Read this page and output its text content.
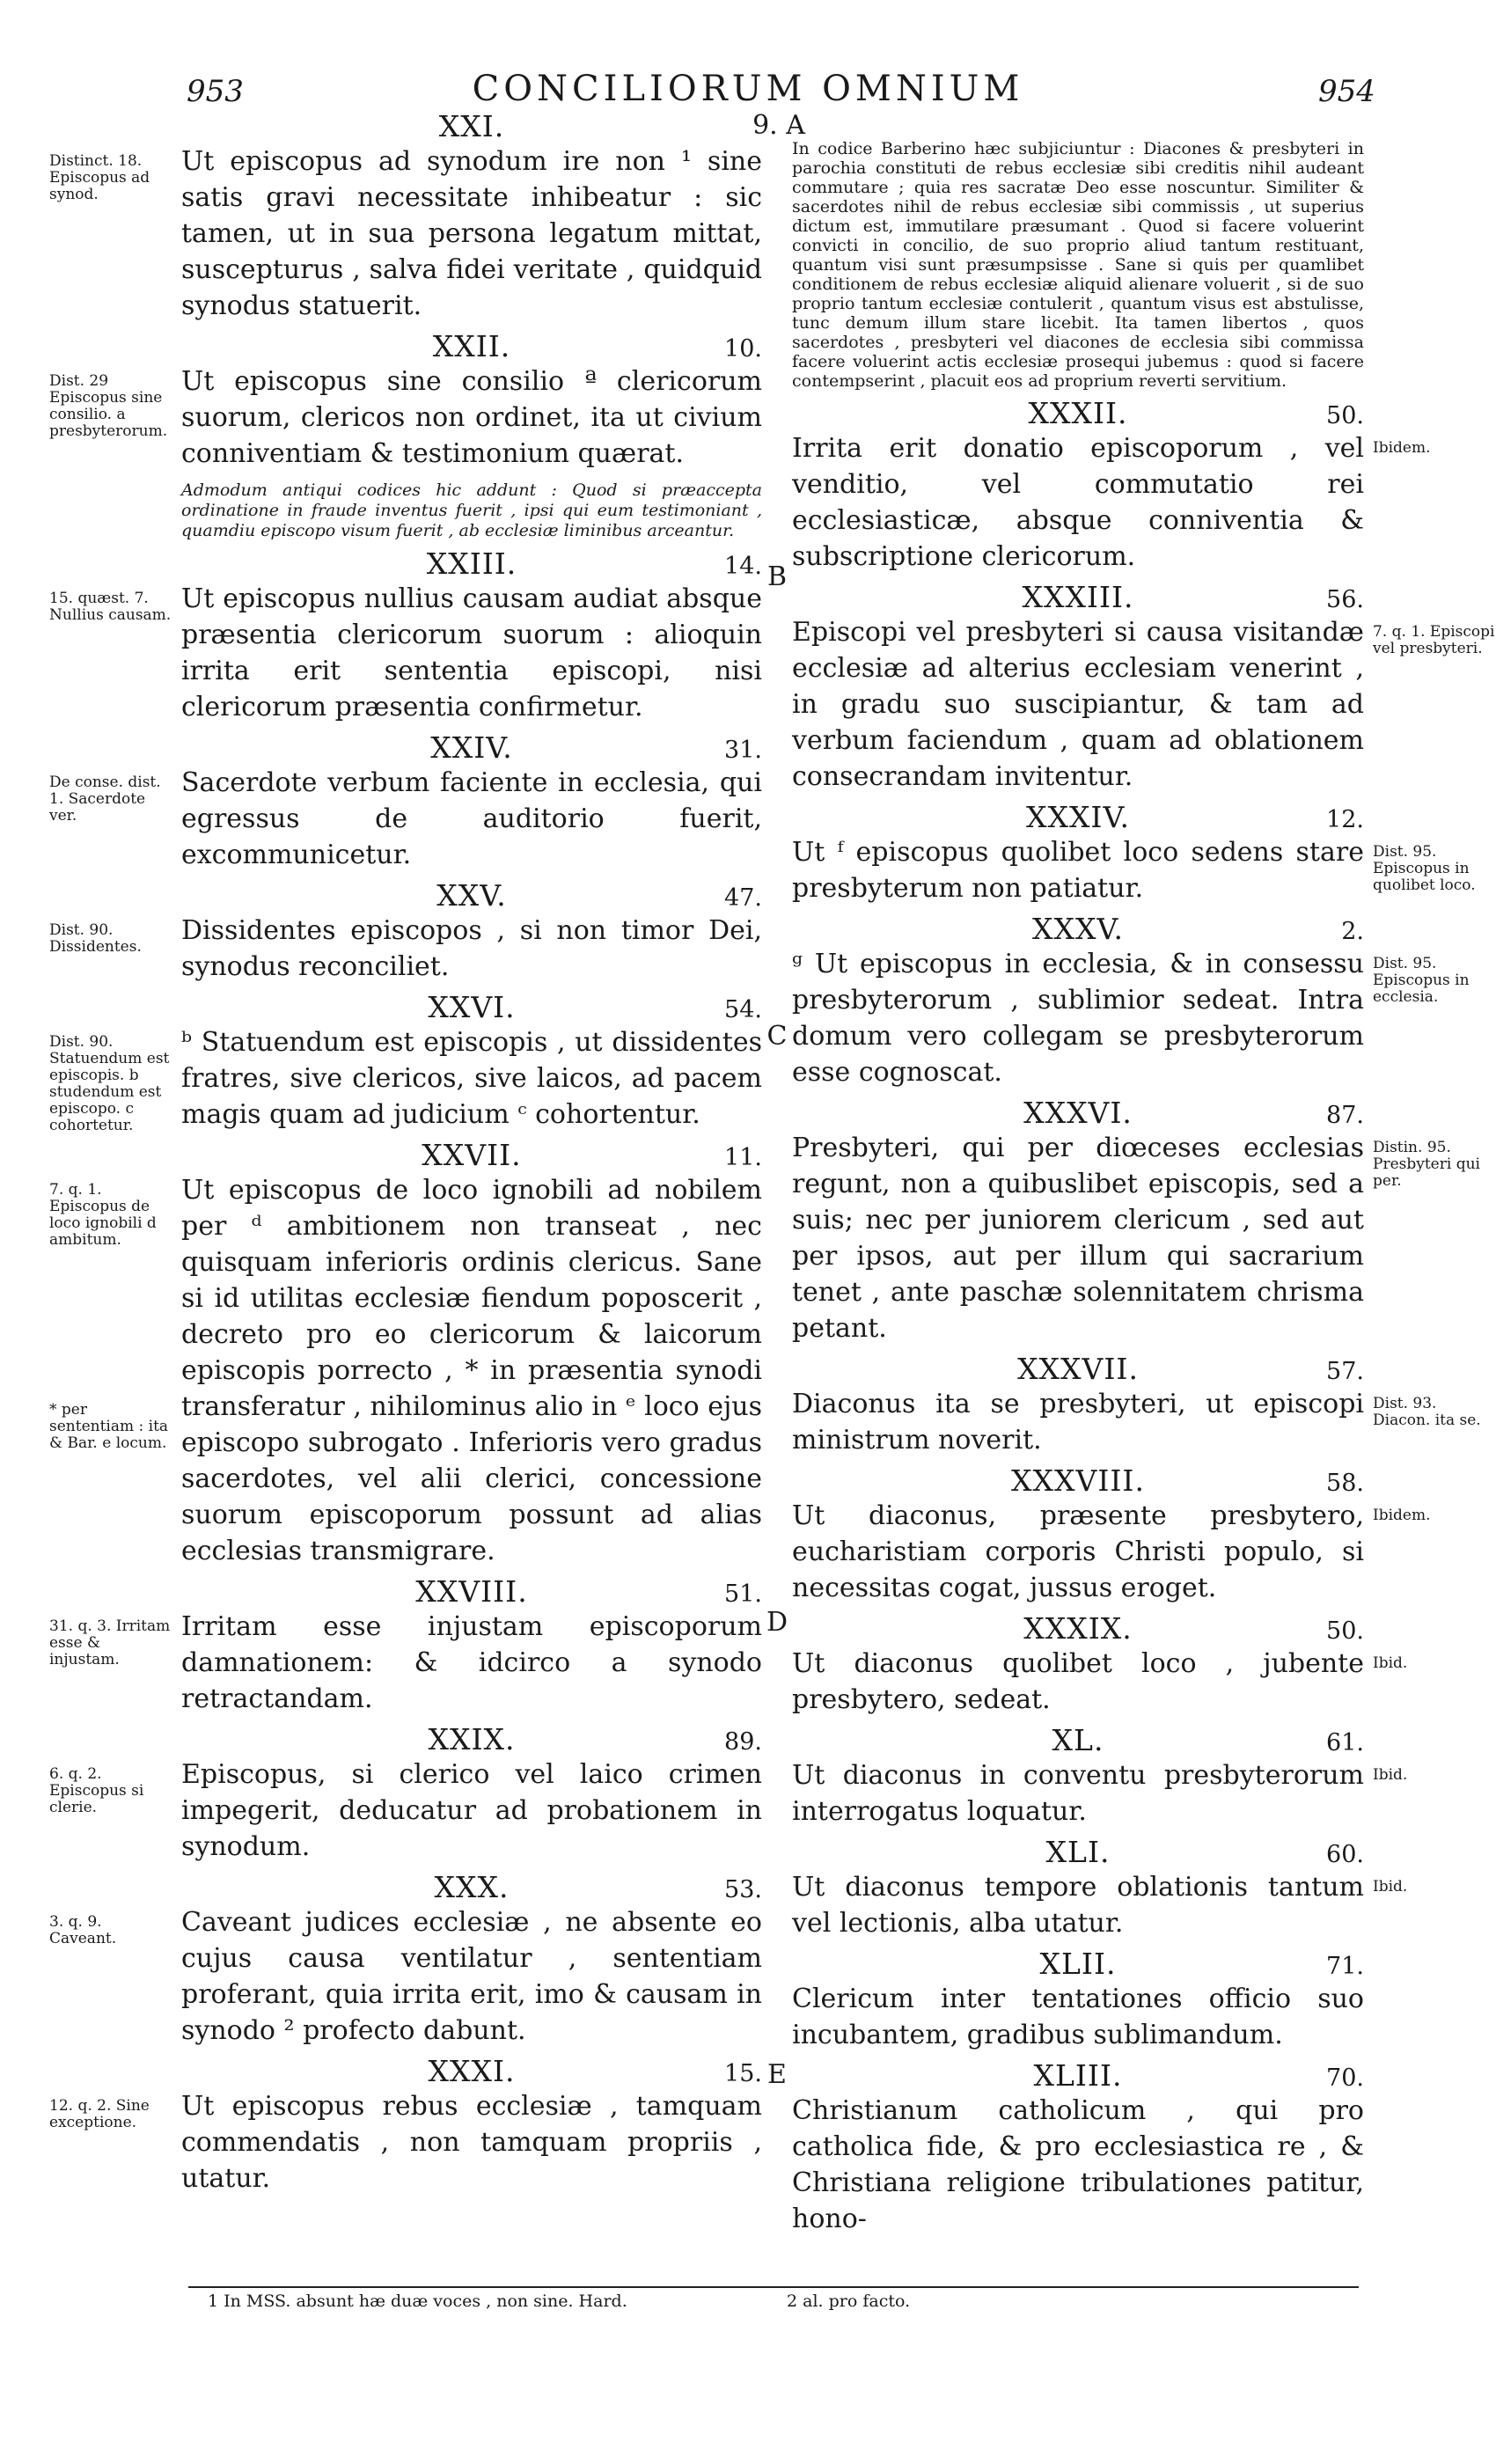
953	CONCILIORUM OMNIUM	954
9. A
B
C
D
E
XXI.
Distinct. 18. Episcopus ad synod.
Ut episcopus ad synodum ire non ¹ sine satis gravi necessitate inhibeatur : sic tamen, ut in sua persona legatum mittat, suscepturus , salva fidei veritate , quidquid synodus statuerit.
XXII.	10.
Dist. 29 Episcopus sine consilio. a presbyterorum.
Ut episcopus sine consilio ª clericorum suorum, clericos non ordinet, ita ut civium conniventiam & testimonium quærat.
Admodum antiqui codices hic addunt : Quod si præaccepta ordinatione in fraude inventus fuerit , ipsi qui eum testimoniant , quamdiu episcopo visum fuerit , ab ecclesiæ liminibus arceantur.
XXIII.	14.
15. quæst. 7. Nullius causam.
Ut episcopus nullius causam audiat absque præsentia clericorum suorum : alioquin irrita erit sententia episcopi, nisi clericorum præsentia confirmetur.
XXIV.	31.
De conse. dist. 1. Sacerdote ver.
Sacerdote verbum faciente in ecclesia, qui egressus de auditorio fuerit, excommunicetur.
XXV.	47.
Dist. 90. Dissidentes.
Dissidentes episcopos , si non timor Dei, synodus reconciliet.
XXVI.	54.
Dist. 90. Statuendum est episcopis. b studendum est episcopo. c cohortetur.
ᵇ Statuendum est episcopis , ut dissidentes fratres, sive clericos, sive laicos, ad pacem magis quam ad judicium ᶜ cohortentur.
XXVII.	11.
7. q. 1. Episcopus de loco ignobili d ambitum.
Ut episcopus de loco ignobili ad nobilem per ᵈ ambitionem non transeat , nec quisquam inferioris ordinis clericus. Sane si id utilitas ecclesiæ fiendum poposcerit , decreto pro eo clericorum & laicorum episcopis porrecto , * in præsentia synodi transferatur , nihilominus alio in ᵉ loco ejus episcopo subrogato . Inferioris vero gradus sacerdotes, vel alii clerici, concessione suorum episcoporum possunt ad alias ecclesias transmigrare.
* per sententiam : ita & Bar. e locum.
XXVIII.	51.
31. q. 3. Irritam esse & injustam.
Irritam esse injustam episcoporum damnationem: & idcirco a synodo retractandam.
XXIX.	89.
6. q. 2. Episcopus si clerie.
Episcopus, si clerico vel laico crimen impegerit, deducatur ad probationem in synodum.
XXX.	53.
3. q. 9. Caveant.
Caveant judices ecclesiæ , ne absente eo cujus causa ventilatur , sententiam proferant, quia irrita erit, imo & causam in synodo ² profecto dabunt.
XXXI.	15.
12. q. 2. Sine exceptione.
Ut episcopus rebus ecclesiæ , tamquam commendatis , non tamquam propriis , utatur.
In codice Barberino hæc subjiciuntur : Diacones & presbyteri in parochia constituti de rebus ecclesiæ sibi creditis nihil audeant commutare ; quia res sacratæ Deo esse noscuntur. Similiter & sacerdotes nihil de rebus ecclesiæ sibi commissis , ut superius dictum est, immutilare præsumant . Quod si facere voluerint convicti in concilio, de suo proprio aliud tantum restituant, quantum visi sunt præsumpsisse . Sane si quis per quamlibet conditionem de rebus ecclesiæ aliquid alienare voluerit , si de suo proprio tantum ecclesiæ contulerit , quantum visus est abstulisse, tunc demum illum stare licebit. Ita tamen libertos , quos sacerdotes , presbyteri vel diacones de ecclesia sibi commissa facere voluerint actis ecclesiæ prosequi jubemus : quod si facere contempserint , placuit eos ad proprium reverti servitium.
XXXII.	50.
Ibidem.
Irrita erit donatio episcoporum , vel venditio, vel commutatio rei ecclesiasticæ, absque conniventia & subscriptione clericorum.
XXXIII.	56.
7. q. 1. Episcopi vel presbyteri.
Episcopi vel presbyteri si causa visitandæ ecclesiæ ad alterius ecclesiam venerint , in gradu suo suscipiantur, & tam ad verbum faciendum , quam ad oblationem consecrandam invitentur.
XXXIV.	12.
Dist. 95. Episcopus in quolibet loco.
Ut ᶠ episcopus quolibet loco sedens stare presbyterum non patiatur.
XXXV.	2.
Dist. 95. Episcopus in ecclesia.
ᵍ Ut episcopus in ecclesia, & in consessu presbyterorum , sublimior sedeat. Intra domum vero collegam se presbyterorum esse cognoscat.
XXXVI.	87.
Distin. 95. Presbyteri qui per.
Presbyteri, qui per diœceses ecclesias regunt, non a quibuslibet episcopis, sed a suis; nec per juniorem clericum , sed aut per ipsos, aut per illum qui sacrarium tenet , ante paschæ solennitatem chrisma petant.
XXXVII.	57.
Dist. 93. Diacon. ita se.
Diaconus ita se presbyteri, ut episcopi ministrum noverit.
XXXVIII.	58.
Ibidem.
Ut diaconus, præsente presbytero, eucharistiam corporis Christi populo, si necessitas cogat, jussus eroget.
XXXIX.	50.
Ibid.
Ut diaconus quolibet loco , jubente presbytero, sedeat.
XL.	61.
Ibid.
Ut diaconus in conventu presbyterorum interrogatus loquatur.
XLI.	60.
Ibid.
Ut diaconus tempore oblationis tantum vel lectionis, alba utatur.
XLII.	71.
Clericum inter tentationes officio suo incubantem, gradibus sublimandum.
XLIII.	70.
Christianum catholicum , qui pro catholica fide, & pro ecclesiastica re , & Christiana religione tribulationes patitur, hono-
1 In MSS. absunt hæ duæ voces , non sine. Hard.	2 al. pro facto.
